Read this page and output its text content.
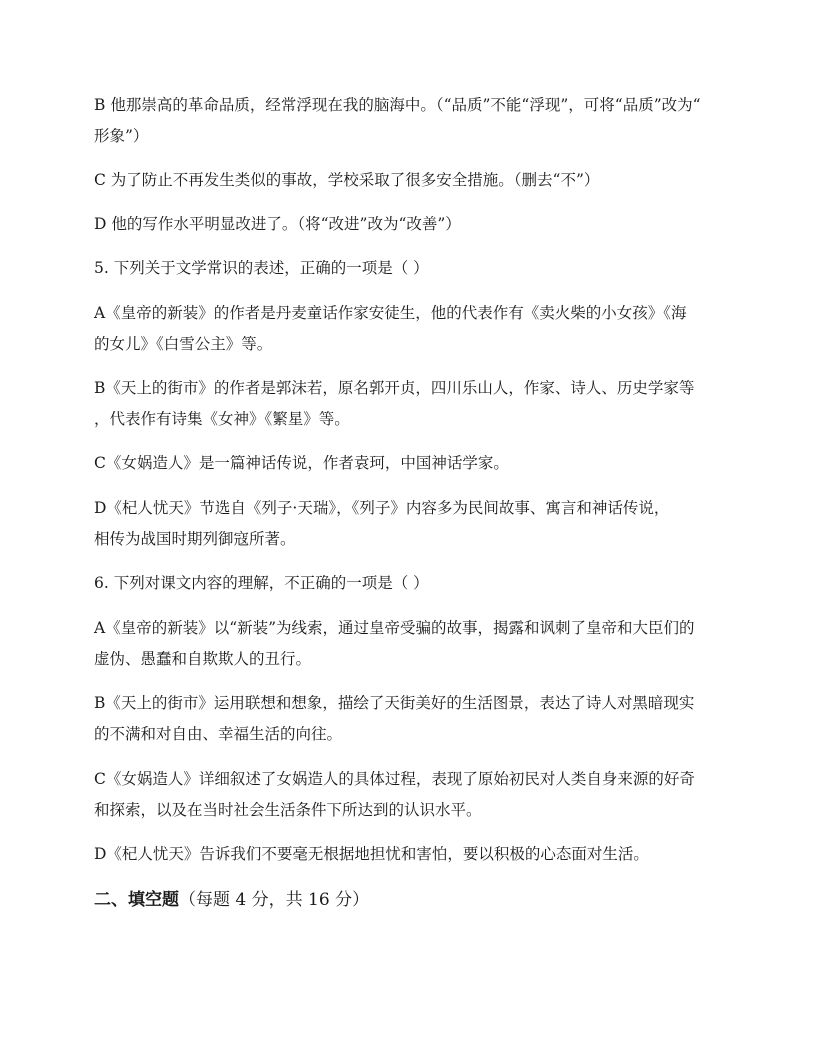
B 他那崇高的革命品质，经常浮现在我的脑海中。（“品质”不能“浮现”，可将“品质”改为“

形象”）

C 为了防止不再发生类似的事故，学校采取了很多安全措施。（删去“不”）

D 他的写作水平明显改进了。（将“改进”改为“改善”）

5. 下列关于文学常识的表述，正确的一项是（ ）

A《皇帝的新装》的作者是丹麦童话作家安徒生，他的代表作有《卖火柴的小女孩》《海

的女儿》《白雪公主》等。

B《天上的街市》的作者是郭沫若，原名郭开贞，四川乐山人，作家、诗人、历史学家等

，代表作有诗集《女神》《繁星》等。

C《女娲造人》是一篇神话传说，作者袁珂，中国神话学家。

D《杞人忧天》节选自《列子·天瑞》，《列子》内容多为民间故事、寓言和神话传说，

相传为战国时期列御寇所著。

6. 下列对课文内容的理解，不正确的一项是（ ）

A《皇帝的新装》以“新装”为线索，通过皇帝受骗的故事，揭露和讽刺了皇帝和大臣们的

虚伪、愚蠢和自欺欺人的丑行。

B《天上的街市》运用联想和想象，描绘了天街美好的生活图景，表达了诗人对黑暗现实

的不满和对自由、幸福生活的向往。

C《女娲造人》详细叙述了女娲造人的具体过程，表现了原始初民对人类自身来源的好奇

和探索，以及在当时社会生活条件下所达到的认识水平。

D《杞人忧天》告诉我们不要毫无根据地担忧和害怕，要以积极的心态面对生活。

二、填空题（每题 4 分，共 16 分）
